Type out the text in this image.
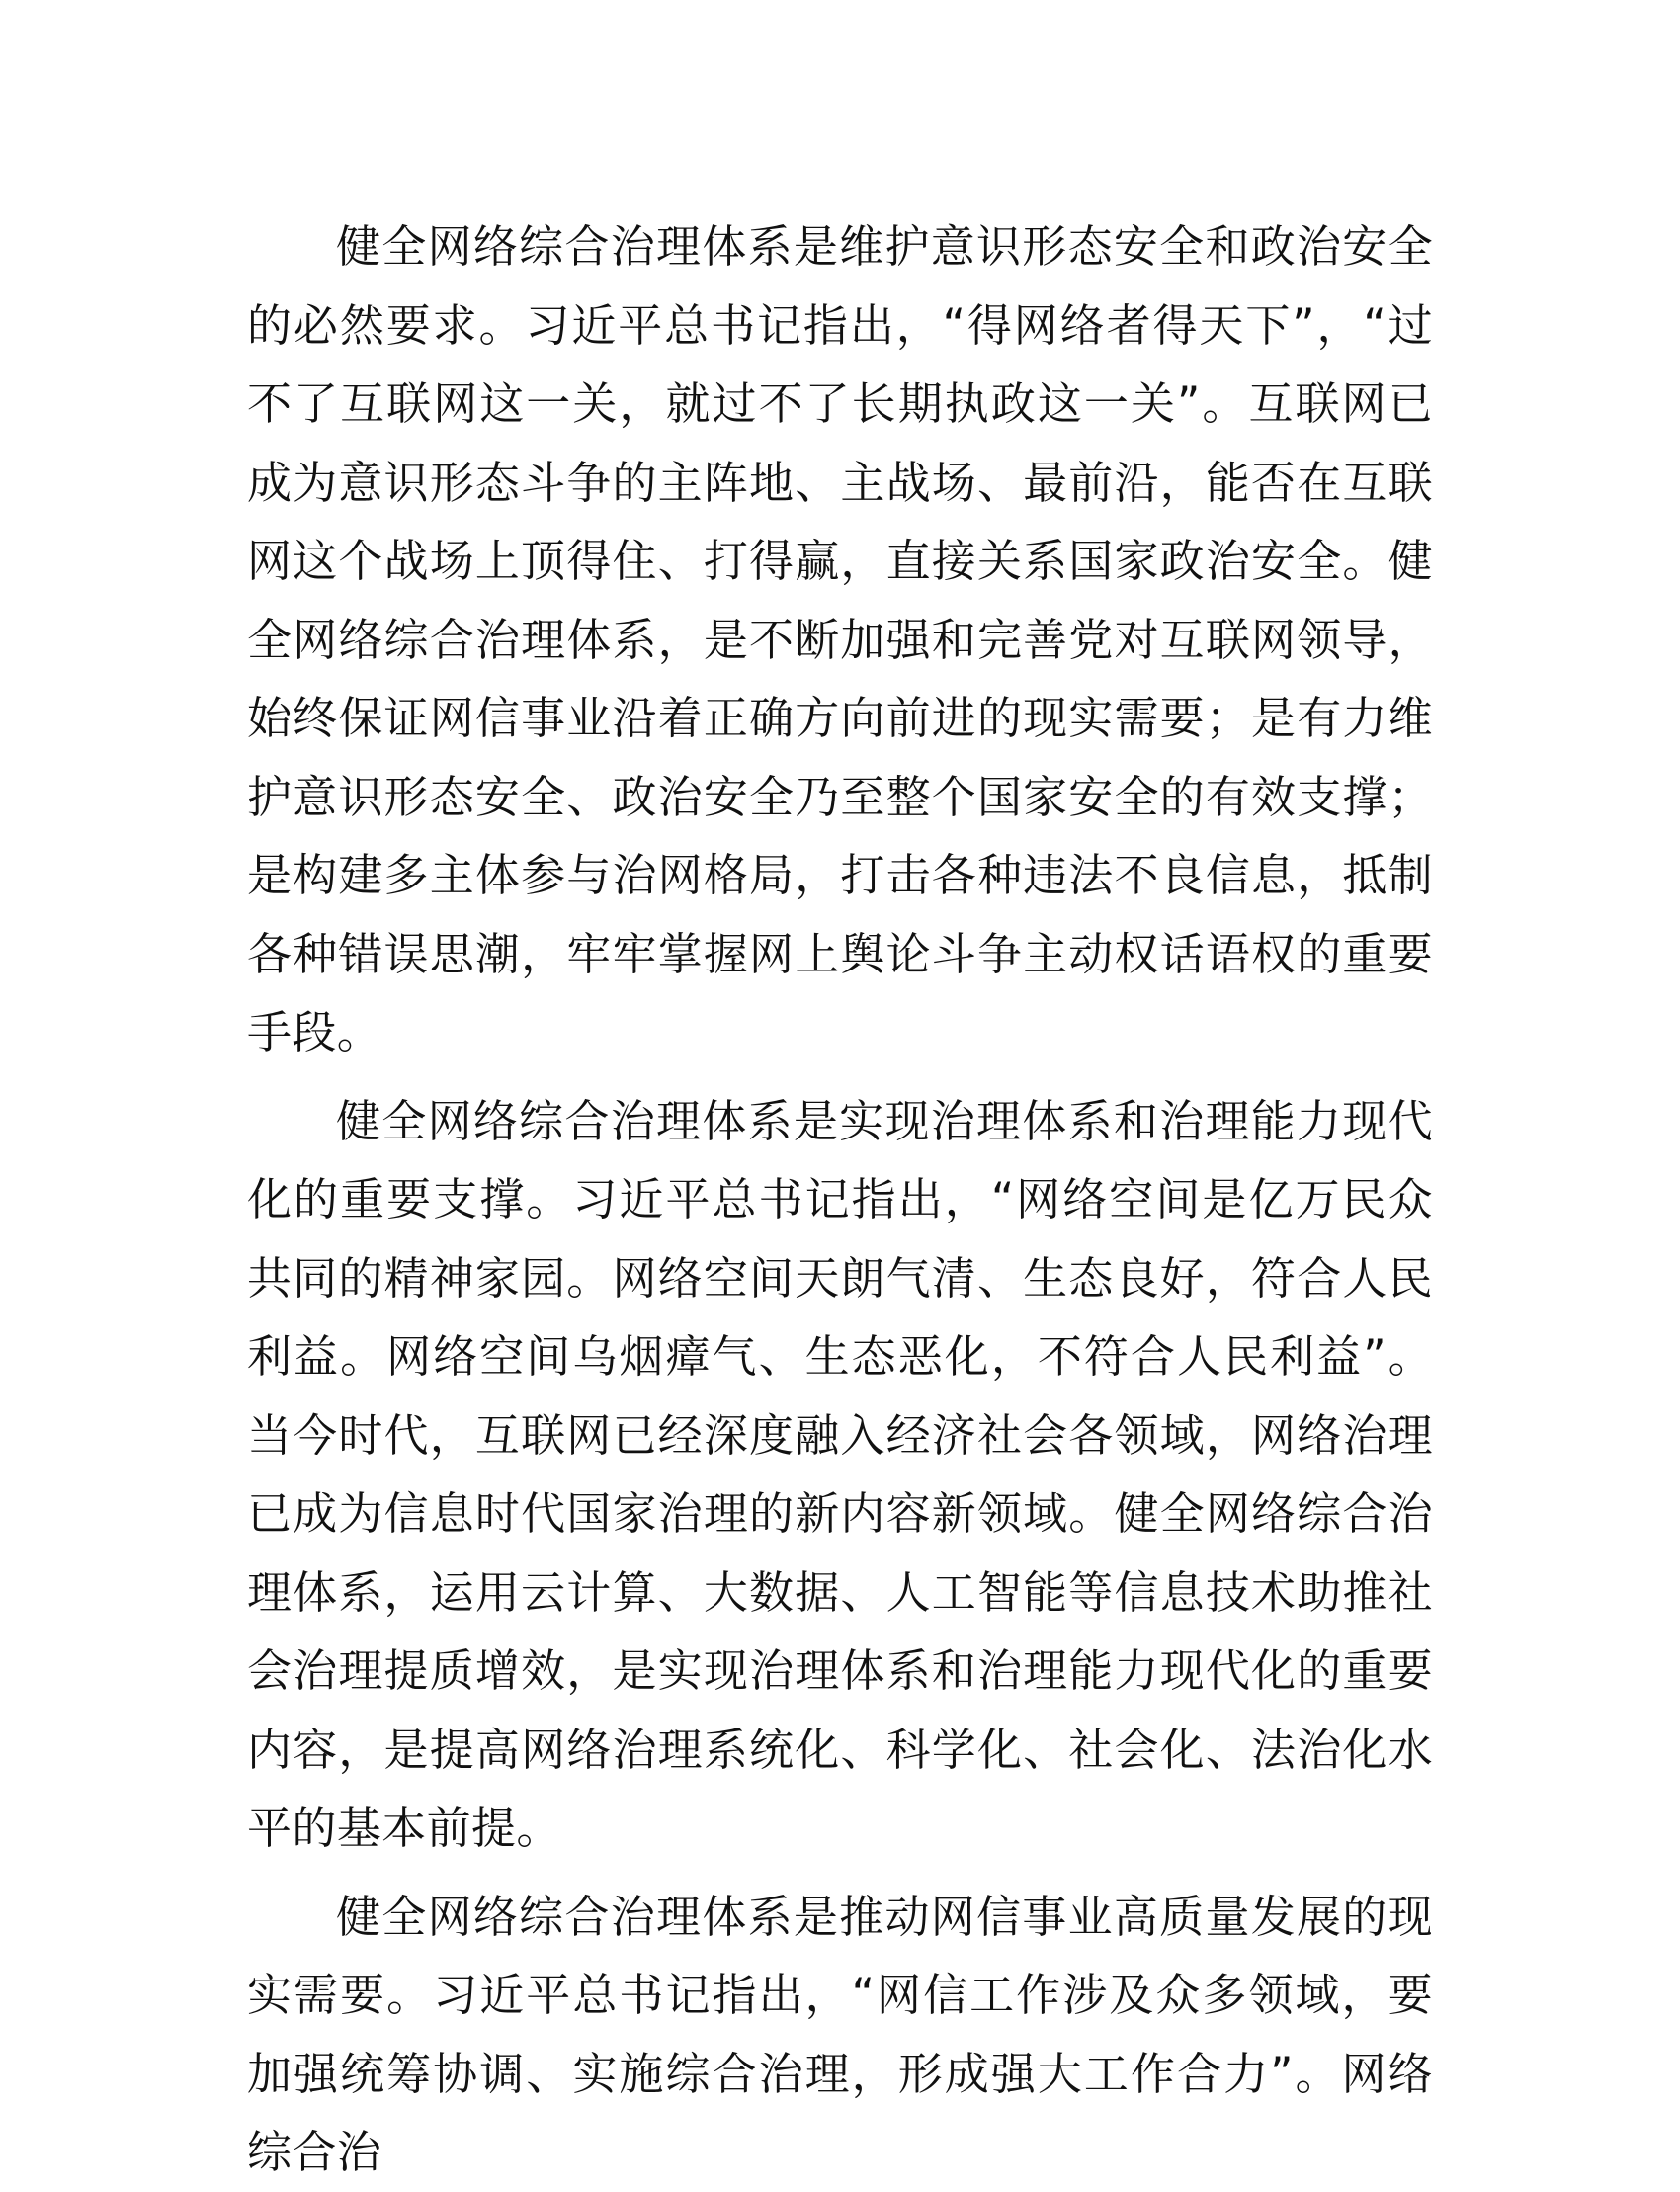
健全网络综合治理体系是维护意识形态安全和政治安全的必然要求。习近平总书记指出，“得网络者得天下”，“过不了互联网这一关，就过不了长期执政这一关”。互联网已成为意识形态斗争的主阵地、主战场、最前沿，能否在互联网这个战场上顶得住、打得赢，直接关系国家政治安全。健全网络综合治理体系，是不断加强和完善党对互联网领导，始终保证网信事业沿着正确方向前进的现实需要；是有力维护意识形态安全、政治安全乃至整个国家安全的有效支撑；是构建多主体参与治网格局，打击各种违法不良信息，抵制各种错误思潮，牢牢掌握网上舆论斗争主动权话语权的重要手段。

健全网络综合治理体系是实现治理体系和治理能力现代化的重要支撑。习近平总书记指出，“网络空间是亿万民众共同的精神家园。网络空间天朗气清、生态良好，符合人民利益。网络空间乌烟瘴气、生态恶化，不符合人民利益”。当今时代，互联网已经深度融入经济社会各领域，网络治理已成为信息时代国家治理的新内容新领域。健全网络综合治理体系，运用云计算、大数据、人工智能等信息技术助推社会治理提质增效，是实现治理体系和治理能力现代化的重要内容，是提高网络治理系统化、科学化、社会化、法治化水平的基本前提。

健全网络综合治理体系是推动网信事业高质量发展的现实需要。习近平总书记指出，“网信工作涉及众多领域，要加强统筹协调、实施综合治理，形成强大工作合力”。网络综合治
